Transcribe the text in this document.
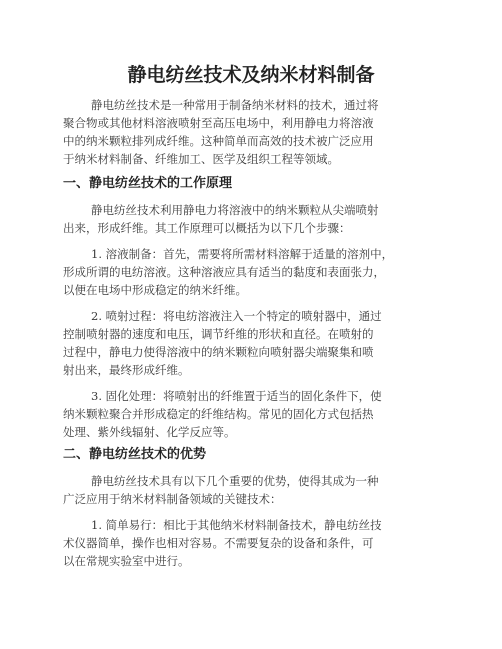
静电纺丝技术及纳米材料制备
静电纺丝技术是一种常用于制备纳米材料的技术，通过将
聚合物或其他材料溶液喷射至高压电场中，利用静电力将溶液
中的纳米颗粒排列成纤维。这种简单而高效的技术被广泛应用
于纳米材料制备、纤维加工、医学及组织工程等领域。
一、静电纺丝技术的工作原理
静电纺丝技术利用静电力将溶液中的纳米颗粒从尖端喷射
出来，形成纤维。其工作原理可以概括为以下几个步骤：
1. 溶液制备：首先，需要将所需材料溶解于适量的溶剂中，
形成所谓的电纺溶液。这种溶液应具有适当的黏度和表面张力，
以便在电场中形成稳定的纳米纤维。
2. 喷射过程：将电纺溶液注入一个特定的喷射器中，通过
控制喷射器的速度和电压，调节纤维的形状和直径。在喷射的
过程中，静电力使得溶液中的纳米颗粒向喷射器尖端聚集和喷
射出来，最终形成纤维。
3. 固化处理：将喷射出的纤维置于适当的固化条件下，使
纳米颗粒聚合并形成稳定的纤维结构。常见的固化方式包括热
处理、紫外线辐射、化学反应等。
二、静电纺丝技术的优势
静电纺丝技术具有以下几个重要的优势，使得其成为一种
广泛应用于纳米材料制备领域的关键技术：
1. 简单易行：相比于其他纳米材料制备技术，静电纺丝技
术仪器简单，操作也相对容易。不需要复杂的设备和条件，可
以在常规实验室中进行。
